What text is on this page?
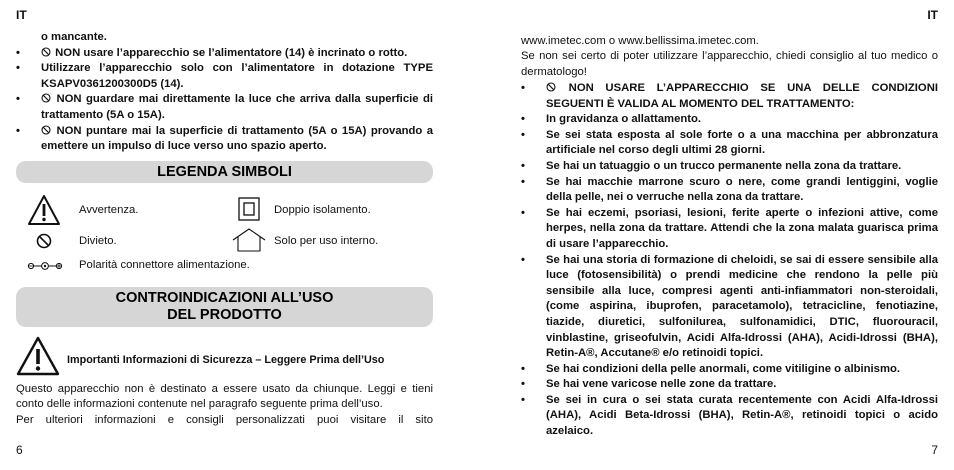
IT
o mancante.
•	NON usare l’apparecchio se l’alimentatore (14) è incrinato o rotto.
• Utilizzare l’apparecchio solo con l’alimentatore in dotazione TYPE KSAPV0361200300D5 (14).
•	NON guardare mai direttamente la luce che arriva dalla superficie di trattamento (5A o 15A).
•	NON puntare mai la superficie di trattamento (5A o 15A) provando a emettere un impulso di luce verso uno spazio aperto.
LEGENDA SIMBOLI
Avvertenza.	Doppio isolamento.
Divieto.	Solo per uso interno.
Polarità connettore alimentazione.
CONTROINDICAZIONI ALL’USO
DEL PRODOTTO
Importanti Informazioni di Sicurezza – Leggere Prima dell’Uso

Questo apparecchio non è destinato a essere usato da chiunque. Leggi e tieni conto delle informazioni contenute nel paragrafo seguente prima dell’uso.

Per ulteriori informazioni e consigli personalizzati puoi visitare il sito

6
IT

www.imetec.com o www.bellissima.imetec.com.

Se non sei certo di poter utilizzare l’apparecchio, chiedi consiglio al tuo medico o dermatologo!

•	NON USARE L’APPARECCHIO SE UNA DELLE CONDIZIONI SEGUENTI È VALIDA AL MOMENTO DEL TRATTAMENTO:
• In gravidanza o allattamento.
• Se sei stata esposta al sole forte o a una macchina per abbronzatura artificiale nel corso degli ultimi 28 giorni.
• Se hai un tatuaggio o un trucco permanente nella zona da trattare.
• Se hai macchie marrone scuro o nere, come grandi lentiggini, voglie della pelle, nei o verruche nella zona da trattare.
• Se hai eczemi, psoriasi, lesioni, ferite aperte o infezioni attive, come herpes, nella zona da trattare. Attendi che la zona malata guarisca prima di usare l’apparecchio.
• Se hai una storia di formazione di cheloidi, se sai di essere sensibile alla luce (fotosensibilità) o prendi medicine che rendono la pelle più sensibile alla luce, compresi agenti anti-infiammatori non-steroidali, (come aspirina, ibuprofen, paracetamolo), tetracicline, fenotiazine, tiazide, diuretici, sulfonilurea, sulfonamidici, DTIC, fluorouracil, vinblastine, griseofulvin, Acidi Alfa-Idrossi (AHA), Acidi-Idrossi (BHA), Retin-A®, Accutane® e/o retinoidi topici.
• Se hai condizioni della pelle anormali, come vitiligine o albinismo.
• Se hai vene varicose nelle zone da trattare.
• Se sei in cura o sei stata curata recentemente con Acidi Alfa-Idrossi (AHA), Acidi Beta-Idrossi (BHA), Retin-A®, retinoidi topici o acido azelaico.
7
